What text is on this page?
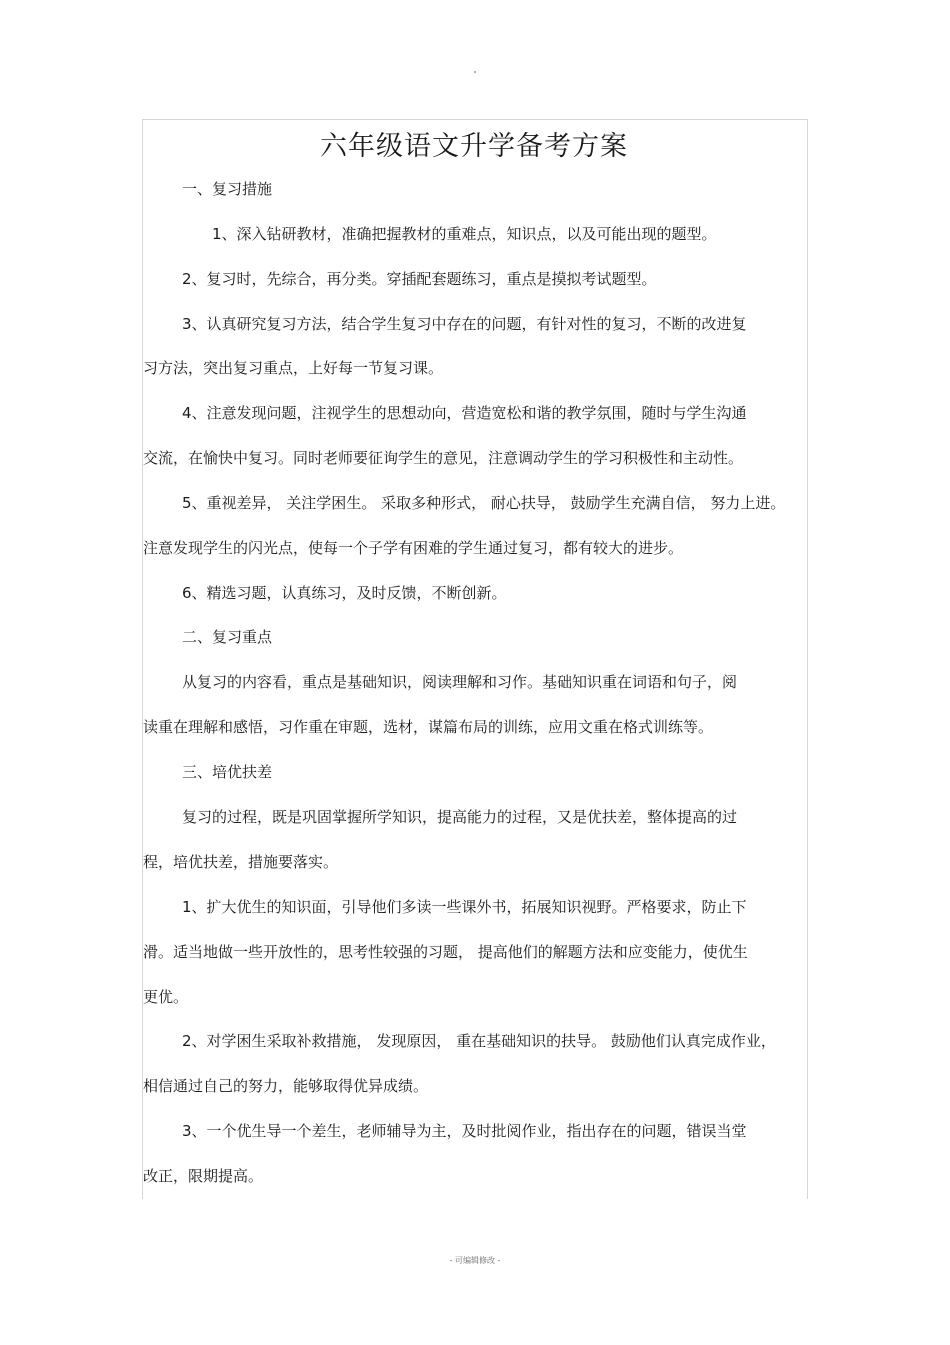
"
六年级语文升学备考方案
一、复习措施
1、深入钻研教材，准确把握教材的重难点，知识点，以及可能出现的题型。
2、复习时，先综合，再分类。穿插配套题练习，重点是摸拟考试题型。
3、认真研究复习方法，结合学生复习中存在的问题，有针对性的复习，不断的改进复
习方法，突出复习重点，上好每一节复习课。
4、注意发现问题，注视学生的思想动向，营造宽松和谐的教学氛围，随时与学生沟通
交流，在愉快中复习。同时老师要征询学生的意见，注意调动学生的学习积极性和主动性。
5、重视差异， 关注学困生。 采取多种形式， 耐心扶导， 鼓励学生充满自信， 努力上进。
注意发现学生的闪光点，使每一个子学有困难的学生通过复习，都有较大的进步。
6、精选习题，认真练习，及时反馈，不断创新。
二、复习重点
从复习的内容看，重点是基础知识，阅读理解和习作。基础知识重在词语和句子，阅
读重在理解和感悟，习作重在审题，选材，谋篇布局的训练，应用文重在格式训练等。
三、培优扶差
复习的过程，既是巩固掌握所学知识，提高能力的过程，又是优扶差，整体提高的过
程，培优扶差，措施要落实。
1、扩大优生的知识面，引导他们多读一些课外书，拓展知识视野。严格要求，防止下
滑。适当地做一些开放性的，思考性较强的习题， 提高他们的解题方法和应变能力，使优生
更优。
2、对学困生采取补救措施， 发现原因， 重在基础知识的扶导。 鼓励他们认真完成作业，
相信通过自己的努力，能够取得优异成绩。
3、一个优生导一个差生，老师辅导为主，及时批阅作业，指出存在的问题，错误当堂
改正，限期提高。
- 可编辑修改 -
